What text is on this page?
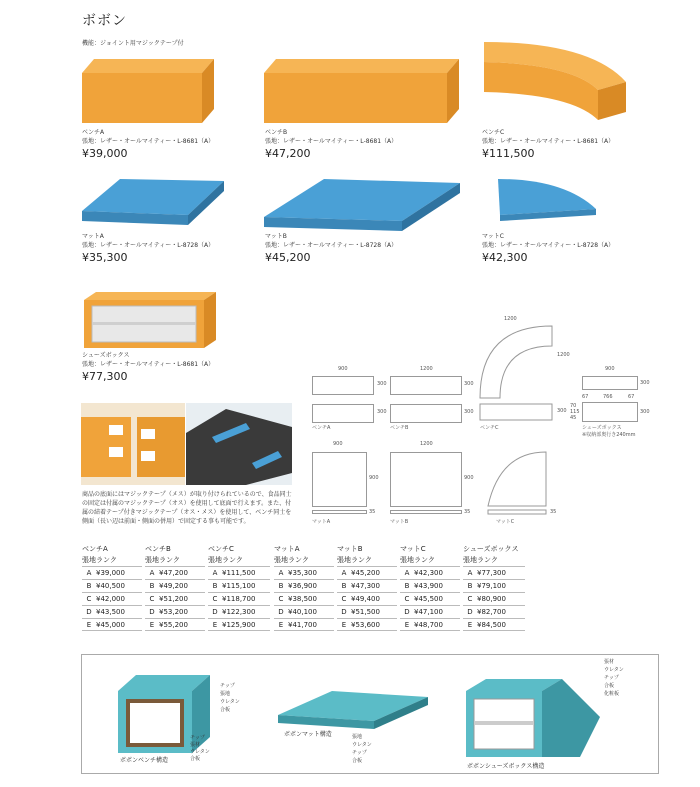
ボボン
機能：ジョイント用マジックテープ付
ベンチA
張地：レザー・オールマイティー・L‐8681（A）
¥39,000
ベンチB
張地：レザー・オールマイティー・L‐8681（A）
¥47,200
ベンチC
張地：レザー・オールマイティー・L‐8681（A）
¥111,500
マットA
張地：レザー・オールマイティー・L‐8728（A）
¥35,300
マットB
張地：レザー・オールマイティー・L‐8728（A）
¥45,200
マットC
張地：レザー・オールマイティー・L‐8728（A）
¥42,300
シューズボックス
張地：レザー・オールマイティー・L‐8681（A）
¥77,300
商品の底面にはマジックテープ（メス）が取り付けられているので、食品同士の固定は付属のマジックテープ（オス）を使用して底面で行えます。また、付属の結着テープ付きマジックテープ（オス・メス）を使用して、ベンチ同士を側面（長い辺は前面・側面の併用）で固定する事も可能です。
900
300
300
ベンチA
1200
300
300
ベンチB
1200
1200
300
ベンチC
900
300
67	766	67
70
115
45
300
シューズボックス
※収納部奥行き240mm
900
900
35
マットA
1200
900
35
マットB
35
マットC
ベンチA
張地ランク
A ¥39,000
B ¥40,500
C ¥42,000
D ¥43,500
E ¥45,000
ベンチB
張地ランク
A ¥47,200
B ¥49,200
C ¥51,200
D ¥53,200
E ¥55,200
ベンチC
張地ランク
A ¥111,500
B ¥115,100
C ¥118,700
D ¥122,300
E ¥125,900
マットA
張地ランク
A ¥35,300
B ¥36,900
C ¥38,500
D ¥40,100
E ¥41,700
マットB
張地ランク
A ¥45,200
B ¥47,300
C ¥49,400
D ¥51,500
E ¥53,600
マットC
張地ランク
A ¥42,300
B ¥43,900
C ¥45,500
D ¥47,100
E ¥48,700
シューズボックス
張地ランク
A ¥77,300
B ¥79,100
C ¥80,900
D ¥82,700
E ¥84,500
チップ
張地
ウレタン
合板
チップ
張材
ウレタン
合板
ボボンベンチ構造
張地
ウレタン
チップ
合板
ボボンマット構造
張材
ウレタン
チップ
合板
化粧板
ボボンシューズボックス構造
